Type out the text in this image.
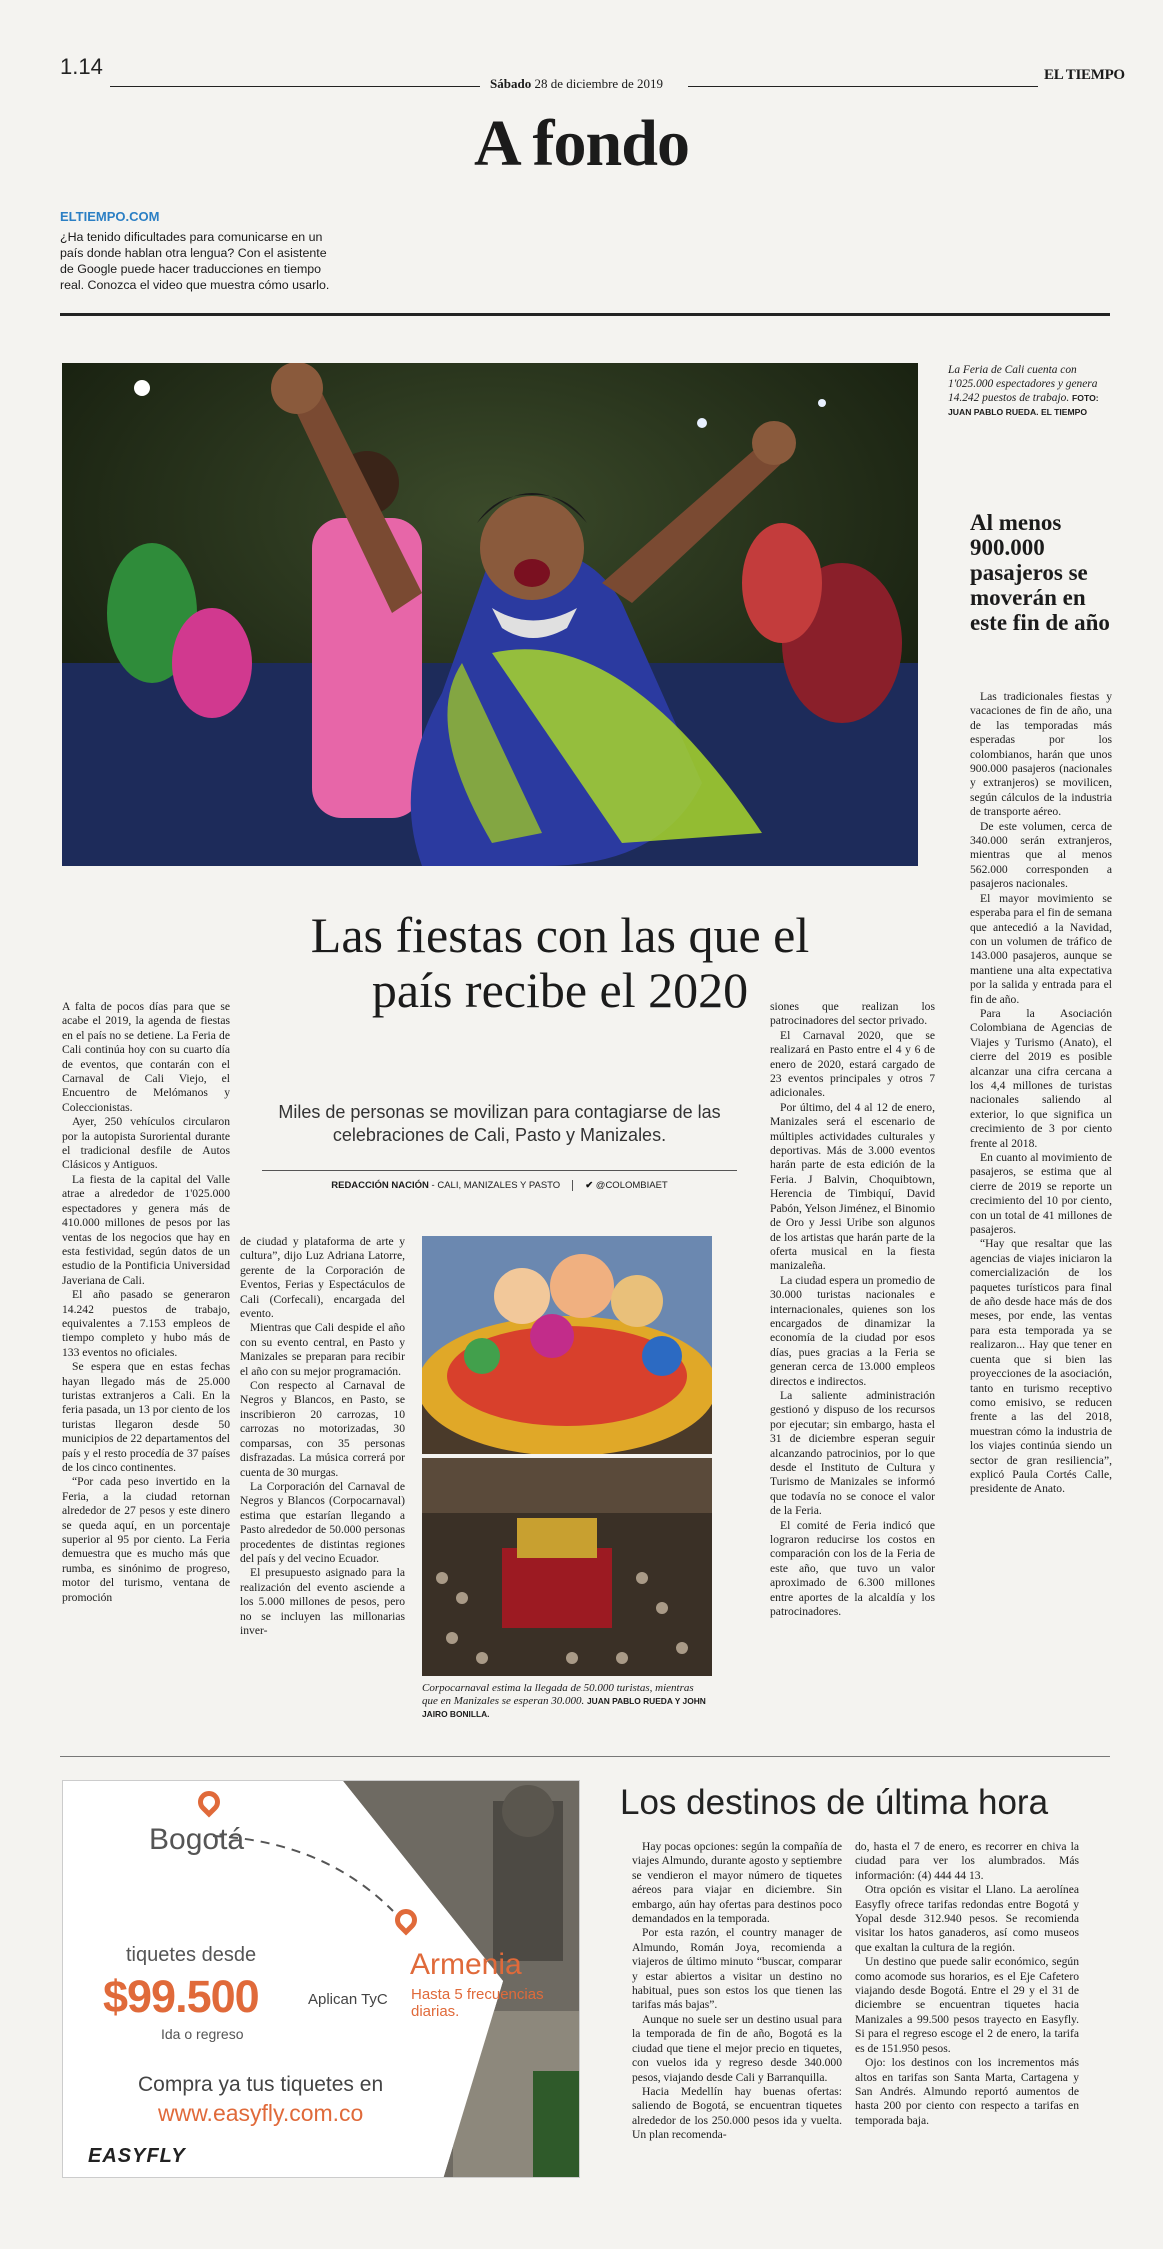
1.14
Sábado 28 de diciembre de 2019
EL TIEMPO
A fondo
ELTIEMPO.COM
¿Ha tenido dificultades para comunicarse en un país donde hablan otra lengua? Con el asistente de Google puede hacer traducciones en tiempo real. Conozca el video que muestra cómo usarlo.
La Feria de Cali cuenta con 1'025.000 espectadores y genera 14.242 puestos de trabajo. FOTO: JUAN PABLO RUEDA. EL TIEMPO
Al menos 900.000 pasajeros se moverán en este fin de año

Las tradicionales fiestas y vacaciones de fin de año, una de las temporadas más esperadas por los colombianos, harán que unos 900.000 pasajeros (nacionales y extranjeros) se movilicen, según cálculos de la industria de transporte aéreo.

De este volumen, cerca de 340.000 serán extranjeros, mientras que al menos 562.000 corresponden a pasajeros nacionales.

El mayor movimiento se esperaba para el fin de semana que antecedió a la Navidad, con un volumen de tráfico de 143.000 pasajeros, aunque se mantiene una alta expectativa por la salida y entrada para el fin de año.

Para la Asociación Colombiana de Agencias de Viajes y Turismo (Anato), el cierre del 2019 es posible alcanzar una cifra cercana a los 4,4 millones de turistas nacionales saliendo al exterior, lo que significa un crecimiento de 3 por ciento frente al 2018.

En cuanto al movimiento de pasajeros, se estima que al cierre de 2019 se reporte un crecimiento del 10 por ciento, con un total de 41 millones de pasajeros.

“Hay que resaltar que las agencias de viajes iniciaron la comercialización de los paquetes turísticos para final de año desde hace más de dos meses, por ende, las ventas para esta temporada ya se realizaron... Hay que tener en cuenta que si bien las proyecciones de la asociación, tanto en turismo receptivo como emisivo, se reducen frente a las del 2018, muestran cómo la industria de los viajes continúa siendo un sector de gran resiliencia”, explicó Paula Cortés Calle, presidente de Anato.

Las fiestas con las que el país recibe el 2020
Miles de personas se movilizan para contagiarse de las celebraciones de Cali, Pasto y Manizales.
REDACCIÓN NACIÓN - CALI, MANIZALES Y PASTO	✔ @COLOMBIAET

A falta de pocos días para que se acabe el 2019, la agenda de fiestas en el país no se detiene. La Feria de Cali continúa hoy con su cuarto día de eventos, que contarán con el Carnaval de Cali Viejo, el Encuentro de Melómanos y Coleccionistas.

Ayer, 250 vehículos circularon por la autopista Suroriental durante el tradicional desfile de Autos Clásicos y Antiguos.

La fiesta de la capital del Valle atrae a alrededor de 1'025.000 espectadores y genera más de 410.000 millones de pesos por las ventas de los negocios que hay en esta festividad, según datos de un estudio de la Pontificia Universidad Javeriana de Cali.

El año pasado se generaron 14.242 puestos de trabajo, equivalentes a 7.153 empleos de tiempo completo y hubo más de 133 eventos no oficiales.

Se espera que en estas fechas hayan llegado más de 25.000 turistas extranjeros a Cali. En la feria pasada, un 13 por ciento de los turistas llegaron desde 50 municipios de 22 departamentos del país y el resto procedía de 37 países de los cinco continentes.

“Por cada peso invertido en la Feria, a la ciudad retornan alrededor de 27 pesos y este dinero se queda aquí, en un porcentaje superior al 95 por ciento. La Feria demuestra que es mucho más que rumba, es sinónimo de progreso, motor del turismo, ventana de promoción

de ciudad y plataforma de arte y cultura”, dijo Luz Adriana Latorre, gerente de la Corporación de Eventos, Ferias y Espectáculos de Cali (Corfecali), encargada del evento.

Mientras que Cali despide el año con su evento central, en Pasto y Manizales se preparan para recibir el año con su mejor programación.

Con respecto al Carnaval de Negros y Blancos, en Pasto, se inscribieron 20 carrozas, 10 carrozas no motorizadas, 30 comparsas, con 35 personas disfrazadas. La música correrá por cuenta de 30 murgas.

La Corporación del Carnaval de Negros y Blancos (Corpocarnaval) estima que estarían llegando a Pasto alrededor de 50.000 personas procedentes de distintas regiones del país y del vecino Ecuador.

El presupuesto asignado para la realización del evento asciende a los 5.000 millones de pesos, pero no se incluyen las millonarias inver-

Corpocarnaval estima la llegada de 50.000 turistas, mientras que en Manizales se esperan 30.000. JUAN PABLO RUEDA Y JOHN JAIRO BONILLA.

siones que realizan los patrocinadores del sector privado.

El Carnaval 2020, que se realizará en Pasto entre el 4 y 6 de enero de 2020, estará cargado de 23 eventos principales y otros 7 adicionales.

Por último, del 4 al 12 de enero, Manizales será el escenario de múltiples actividades culturales y deportivas. Más de 3.000 eventos harán parte de esta edición de la Feria. J Balvin, Choquibtown, Herencia de Timbiquí, David Pabón, Yelson Jiménez, el Binomio de Oro y Jessi Uribe son algunos de los artistas que harán parte de la oferta musical en la fiesta manizaleña.

La ciudad espera un promedio de 30.000 turistas nacionales e internacionales, quienes son los encargados de dinamizar la economía de la ciudad por esos días, pues gracias a la Feria se generan cerca de 13.000 empleos directos e indirectos.

La saliente administración gestionó y dispuso de los recursos por ejecutar; sin embargo, hasta el 31 de diciembre esperan seguir alcanzando patrocinios, por lo que desde el Instituto de Cultura y Turismo de Manizales se informó que todavía no se conoce el valor de la Feria.

El comité de Feria indicó que lograron reducirse los costos en comparación con los de la Feria de este año, que tuvo un valor aproximado de 6.300 millones entre aportes de la alcaldía y los patrocinadores.

Bogotá
Armenia
Hasta 5 frecuencias diarias.
tiquetes desde
$99.500	Aplican TyC
Ida o regreso
Compra ya tus tiquetes en
www.easyfly.com.co
EASYFLY
Los destinos de última hora

Hay pocas opciones: según la compañía de viajes Almundo, durante agosto y septiembre se vendieron el mayor número de tiquetes aéreos para viajar en diciembre. Sin embargo, aún hay ofertas para destinos poco demandados en la temporada.

Por esta razón, el country manager de Almundo, Román Joya, recomienda a viajeros de último minuto “buscar, comparar y estar abiertos a visitar un destino no habitual, pues son estos los que tienen las tarifas más bajas”.

Aunque no suele ser un destino usual para la temporada de fin de año, Bogotá es la ciudad que tiene el mejor precio en tiquetes, con vuelos ida y regreso desde 340.000 pesos, viajando desde Cali y Barranquilla.

Hacia Medellín hay buenas ofertas: saliendo de Bogotá, se encuentran tiquetes alrededor de los 250.000 pesos ida y vuelta. Un plan recomenda-

do, hasta el 7 de enero, es recorrer en chiva la ciudad para ver los alumbrados. Más información: (4) 444 44 13.

Otra opción es visitar el Llano. La aerolínea Easyfly ofrece tarifas redondas entre Bogotá y Yopal desde 312.940 pesos. Se recomienda visitar los hatos ganaderos, así como museos que exaltan la cultura de la región.

Un destino que puede salir económico, según como acomode sus horarios, es el Eje Cafetero viajando desde Bogotá. Entre el 29 y el 31 de diciembre se encuentran tiquetes hacia Manizales a 99.500 pesos trayecto en Easyfly. Si para el regreso escoge el 2 de enero, la tarifa es de 151.950 pesos.

Ojo: los destinos con los incrementos más altos en tarifas son Santa Marta, Cartagena y San Andrés. Almundo reportó aumentos de hasta 200 por ciento con respecto a tarifas en temporada baja.
